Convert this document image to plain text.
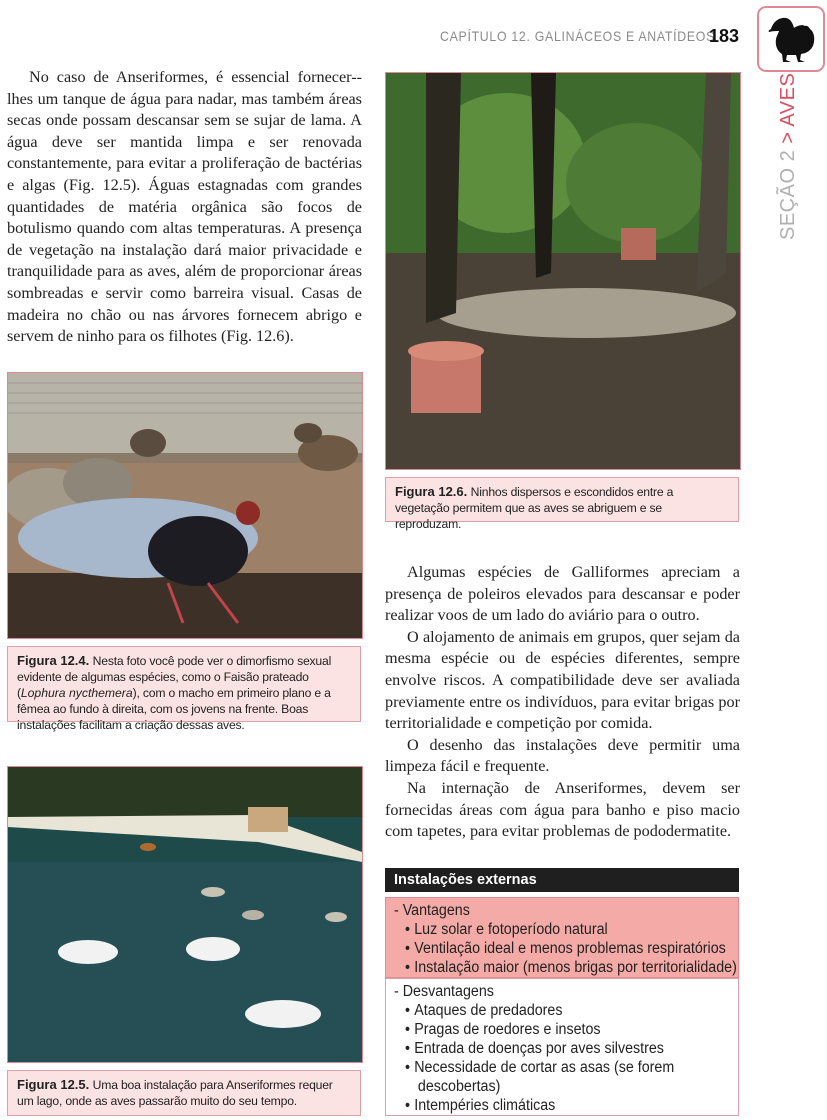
CAPÍTULO 12. GALINÁCEOS E ANATÍDEOS
183
SEÇÃO 2 > AVES

No caso de Anseriformes, é essencial fornecer--lhes um tanque de água para nadar, mas também áreas secas onde possam descansar sem se sujar de lama. A água deve ser mantida limpa e ser renovada constantemente, para evitar a proliferação de bactérias e algas (Fig. 12.5). Águas estagnadas com grandes quantidades de matéria orgânica são focos de botulismo quando com altas temperaturas. A presença de vegetação na instalação dará maior privacidade e tranquilidade para as aves, além de proporcionar áreas sombreadas e servir como barreira visual. Casas de madeira no chão ou nas árvores fornecem abrigo e servem de ninho para os filhotes (Fig. 12.6).

Figura 12.4. Nesta foto você pode ver o dimorfismo sexual evidente de algumas espécies, como o Faisão prateado (Lophura nycthemera), com o macho em primeiro plano e a fêmea ao fundo à direita, com os jovens na frente. Boas instalações facilitam a criação dessas aves.
Figura 12.5. Uma boa instalação para Anseriformes requer um lago, onde as aves passarão muito do seu tempo.
Figura 12.6. Ninhos dispersos e escondidos entre a vegetação permitem que as aves se abriguem e se reproduzam.

Algumas espécies de Galliformes apreciam a presença de poleiros elevados para descansar e poder realizar voos de um lado do aviário para o outro.

O alojamento de animais em grupos, quer sejam da mesma espécie ou de espécies diferentes, sempre envolve riscos. A compatibilidade deve ser avaliada previamente entre os indivíduos, para evitar brigas por territorialidade e competição por comida.

O desenho das instalações deve permitir uma limpeza fácil e frequente.

Na internação de Anseriformes, devem ser fornecidas áreas com água para banho e piso macio com tapetes, para evitar problemas de pododermatite.

Instalações externas
- Vantagens
• Luz solar e fotoperíodo natural
• Ventilação ideal e menos problemas respiratórios
• Instalação maior (menos brigas por territorialidade)
- Desvantagens
• Ataques de predadores
• Pragas de roedores e insetos
• Entrada de doenças por aves silvestres
• Necessidade de cortar as asas (se forem
descobertas)
• Intempéries climáticas
